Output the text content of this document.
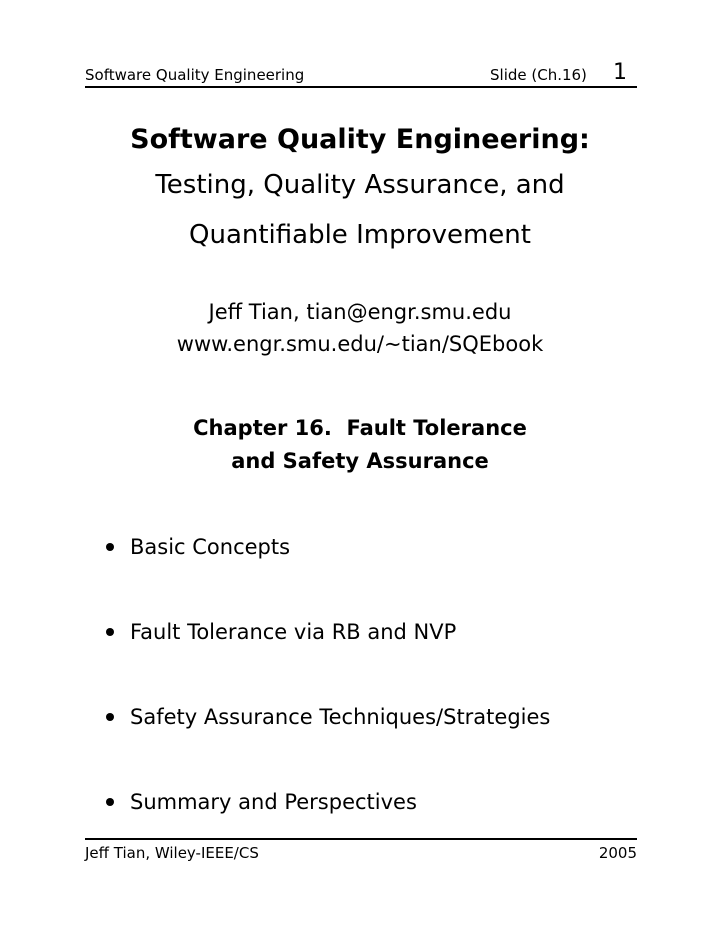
Software Quality Engineering	Slide (Ch.16) 1
Software Quality Engineering:
Testing, Quality Assurance, and
Quantifiable Improvement
Jeff Tian, tian@engr.smu.edu
www.engr.smu.edu/∼tian/SQEbook
Chapter 16.  Fault Tolerance
and Safety Assurance
Basic Concepts
Fault Tolerance via RB and NVP
Safety Assurance Techniques/Strategies
Summary and Perspectives
Jeff Tian, Wiley-IEEE/CS	2005
